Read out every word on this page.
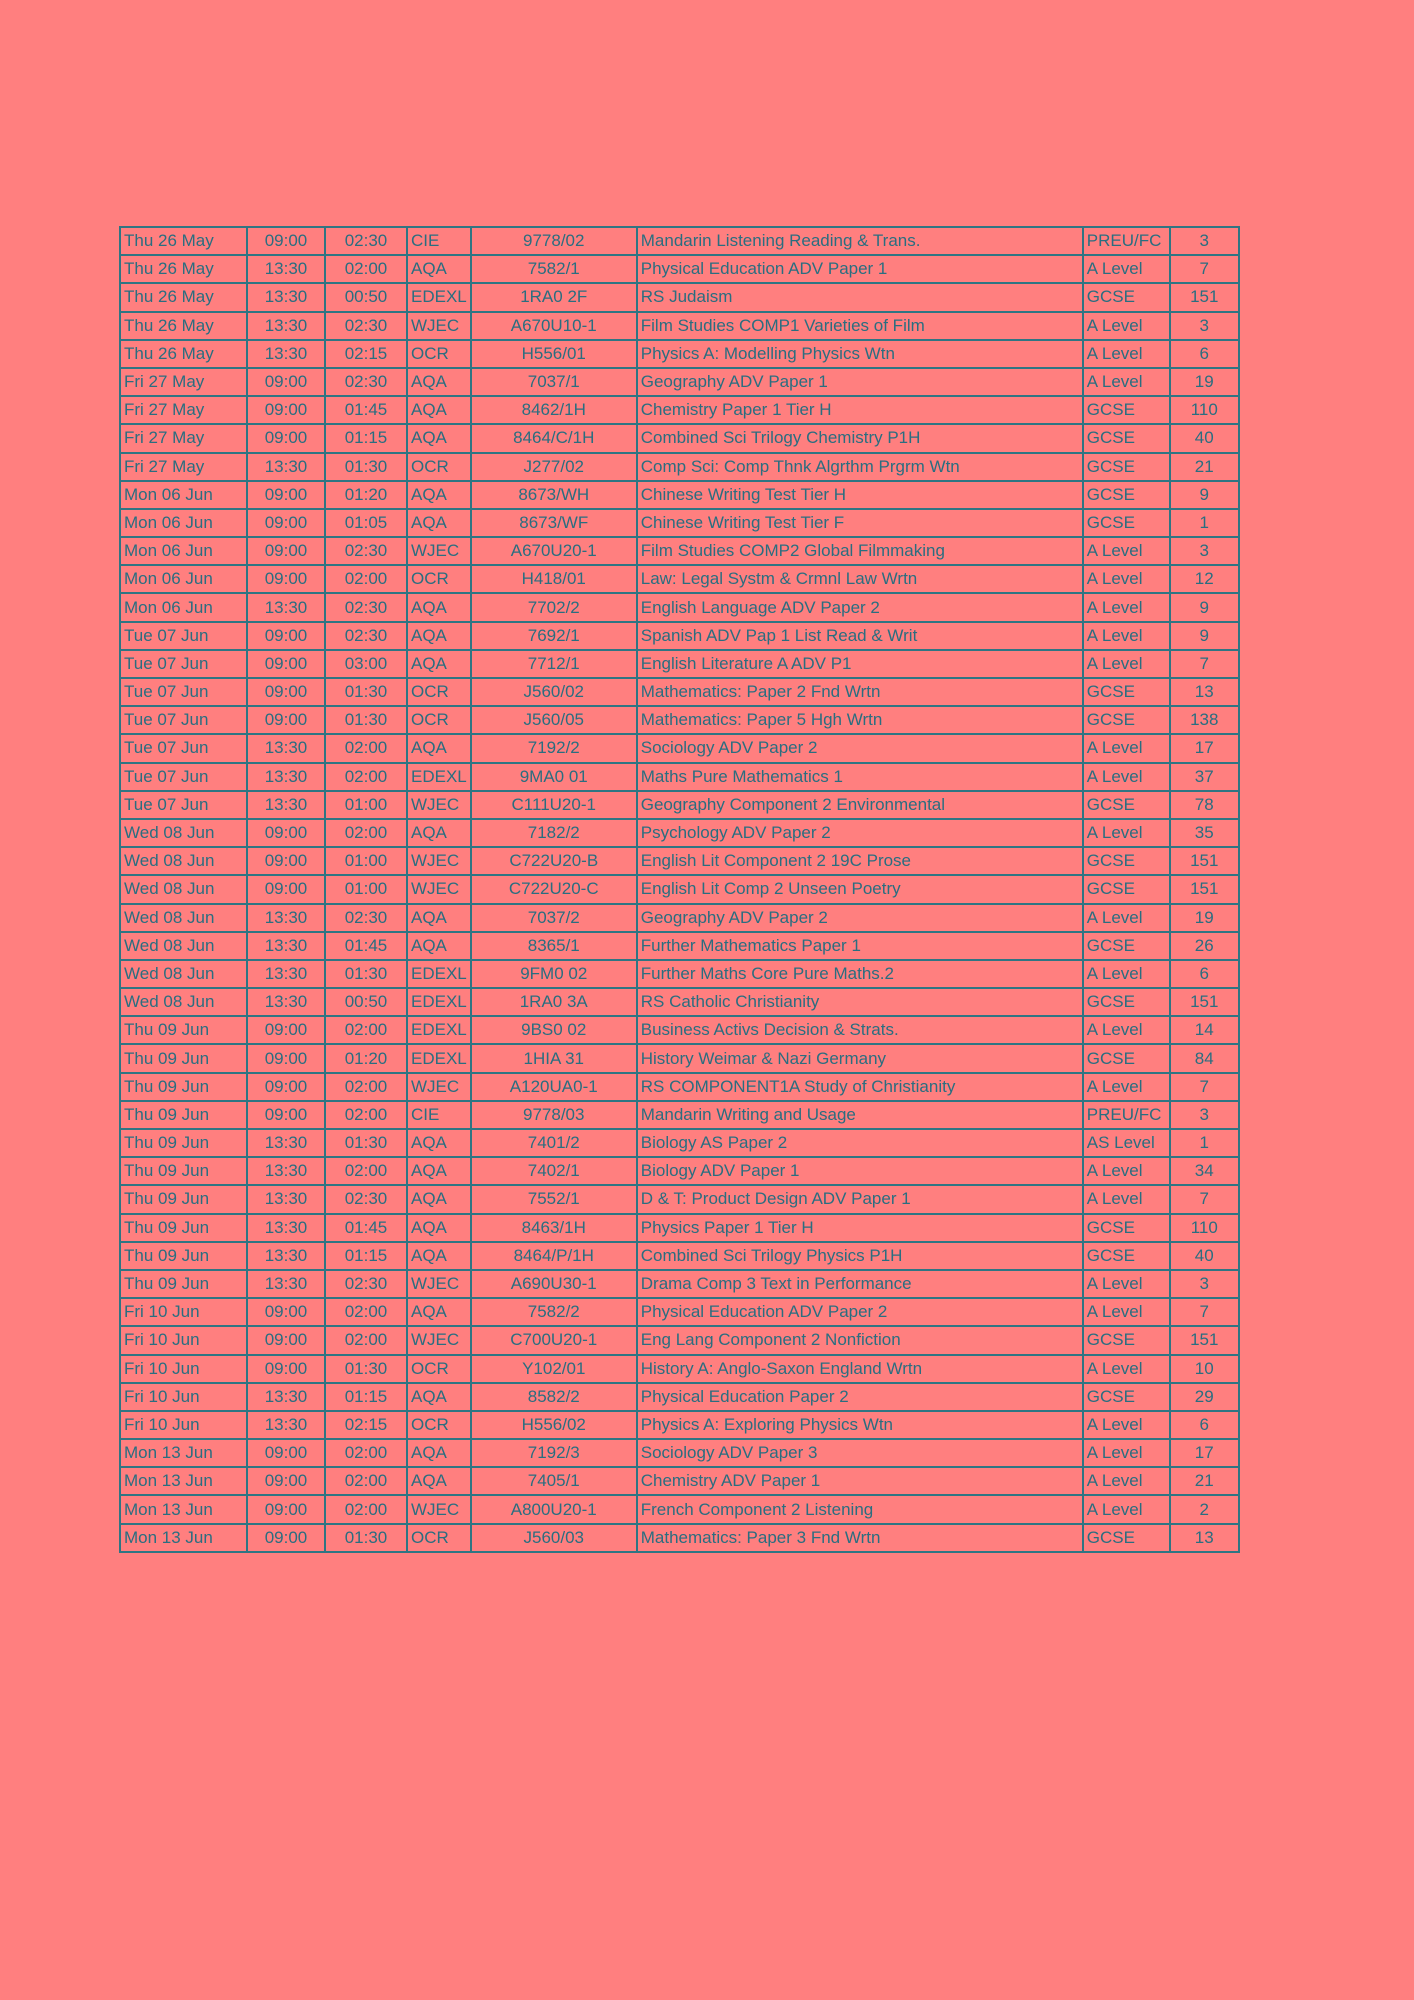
Thu 26 May	09:00	02:30	CIE	9778/02	Mandarin Listening Reading & Trans.	PREU/FC	3
Thu 26 May	13:30	02:00	AQA	7582/1	Physical Education ADV Paper 1	A Level	7
Thu 26 May	13:30	00:50	EDEXL	1RA0 2F	RS Judaism	GCSE	151
Thu 26 May	13:30	02:30	WJEC	A670U10-1	Film Studies COMP1 Varieties of Film	A Level	3
Thu 26 May	13:30	02:15	OCR	H556/01	Physics A: Modelling Physics Wtn	A Level	6
Fri 27 May	09:00	02:30	AQA	7037/1	Geography ADV Paper 1	A Level	19
Fri 27 May	09:00	01:45	AQA	8462/1H	Chemistry Paper 1 Tier H	GCSE	110
Fri 27 May	09:00	01:15	AQA	8464/C/1H	Combined Sci Trilogy Chemistry P1H	GCSE	40
Fri 27 May	13:30	01:30	OCR	J277/02	Comp Sci: Comp Thnk Algrthm Prgrm Wtn	GCSE	21
Mon 06 Jun	09:00	01:20	AQA	8673/WH	Chinese Writing Test Tier H	GCSE	9
Mon 06 Jun	09:00	01:05	AQA	8673/WF	Chinese Writing Test Tier F	GCSE	1
Mon 06 Jun	09:00	02:30	WJEC	A670U20-1	Film Studies COMP2 Global Filmmaking	A Level	3
Mon 06 Jun	09:00	02:00	OCR	H418/01	Law: Legal Systm & Crmnl Law Wrtn	A Level	12
Mon 06 Jun	13:30	02:30	AQA	7702/2	English Language ADV Paper 2	A Level	9
Tue 07 Jun	09:00	02:30	AQA	7692/1	Spanish ADV Pap 1 List Read & Writ	A Level	9
Tue 07 Jun	09:00	03:00	AQA	7712/1	English Literature A ADV P1	A Level	7
Tue 07 Jun	09:00	01:30	OCR	J560/02	Mathematics: Paper 2 Fnd Wrtn	GCSE	13
Tue 07 Jun	09:00	01:30	OCR	J560/05	Mathematics: Paper 5 Hgh Wrtn	GCSE	138
Tue 07 Jun	13:30	02:00	AQA	7192/2	Sociology ADV Paper 2	A Level	17
Tue 07 Jun	13:30	02:00	EDEXL	9MA0 01	Maths Pure Mathematics 1	A Level	37
Tue 07 Jun	13:30	01:00	WJEC	C111U20-1	Geography Component 2 Environmental	GCSE	78
Wed 08 Jun	09:00	02:00	AQA	7182/2	Psychology ADV Paper 2	A Level	35
Wed 08 Jun	09:00	01:00	WJEC	C722U20-B	English Lit Component 2 19C Prose	GCSE	151
Wed 08 Jun	09:00	01:00	WJEC	C722U20-C	English Lit Comp 2 Unseen Poetry	GCSE	151
Wed 08 Jun	13:30	02:30	AQA	7037/2	Geography ADV Paper 2	A Level	19
Wed 08 Jun	13:30	01:45	AQA	8365/1	Further Mathematics Paper 1	GCSE	26
Wed 08 Jun	13:30	01:30	EDEXL	9FM0 02	Further Maths Core Pure Maths.2	A Level	6
Wed 08 Jun	13:30	00:50	EDEXL	1RA0 3A	RS Catholic Christianity	GCSE	151
Thu 09 Jun	09:00	02:00	EDEXL	9BS0 02	Business Activs Decision & Strats.	A Level	14
Thu 09 Jun	09:00	01:20	EDEXL	1HIA 31	History Weimar & Nazi Germany	GCSE	84
Thu 09 Jun	09:00	02:00	WJEC	A120UA0-1	RS COMPONENT1A Study of Christianity	A Level	7
Thu 09 Jun	09:00	02:00	CIE	9778/03	Mandarin Writing and Usage	PREU/FC	3
Thu 09 Jun	13:30	01:30	AQA	7401/2	Biology AS Paper 2	AS Level	1
Thu 09 Jun	13:30	02:00	AQA	7402/1	Biology ADV Paper 1	A Level	34
Thu 09 Jun	13:30	02:30	AQA	7552/1	D & T: Product Design ADV Paper 1	A Level	7
Thu 09 Jun	13:30	01:45	AQA	8463/1H	Physics Paper 1 Tier H	GCSE	110
Thu 09 Jun	13:30	01:15	AQA	8464/P/1H	Combined Sci Trilogy Physics P1H	GCSE	40
Thu 09 Jun	13:30	02:30	WJEC	A690U30-1	Drama Comp 3 Text in Performance	A Level	3
Fri 10 Jun	09:00	02:00	AQA	7582/2	Physical Education ADV Paper 2	A Level	7
Fri 10 Jun	09:00	02:00	WJEC	C700U20-1	Eng Lang Component 2 Nonfiction	GCSE	151
Fri 10 Jun	09:00	01:30	OCR	Y102/01	History A: Anglo-Saxon England Wrtn	A Level	10
Fri 10 Jun	13:30	01:15	AQA	8582/2	Physical Education Paper 2	GCSE	29
Fri 10 Jun	13:30	02:15	OCR	H556/02	Physics A: Exploring Physics Wtn	A Level	6
Mon 13 Jun	09:00	02:00	AQA	7192/3	Sociology ADV Paper 3	A Level	17
Mon 13 Jun	09:00	02:00	AQA	7405/1	Chemistry ADV Paper 1	A Level	21
Mon 13 Jun	09:00	02:00	WJEC	A800U20-1	French Component 2 Listening	A Level	2
Mon 13 Jun	09:00	01:30	OCR	J560/03	Mathematics: Paper 3 Fnd Wrtn	GCSE	13
